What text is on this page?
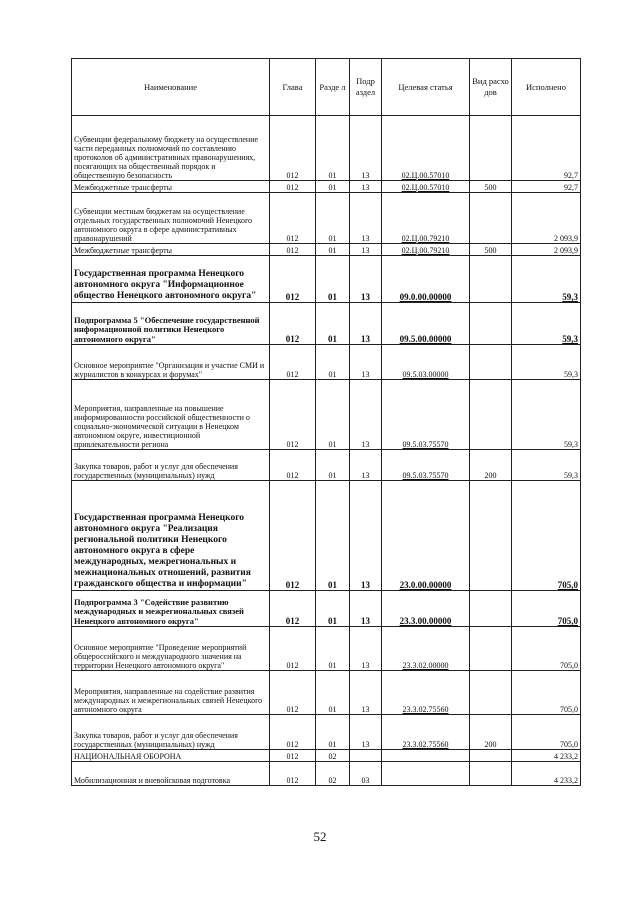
Наименование	Глава	Разде л	Подр аздел	Целевая статья	Вид расхо дов	Исполнено
Субвенции федеральному бюджету на осуществление части переданных полномочий по составлению протоколов об административных правонарушениях, посягающих на общественный порядок и общественную безопасность	012	01	13	02.Ц.00.57010		92,7
Межбюджетные трансферты	012	01	13	02.Ц.00.57010	500	92,7
Субвенции местным бюджетам на осуществление отдельных государственных полномочий Ненецкого автономного округа в сфере административных правонарушений	012	01	13	02.Ц.00.79210		2 093,9
Межбюджетные трансферты	012	01	13	02.Ц.00.79210	500	2 093,9
Государственная программа Ненецкого автономного округа "Информационное общество Ненецкого автономного округа"	012	01	13	09.0.00.00000		59,3
Подпрограмма 5 "Обеспечение государственной информационной политики Ненецкого автономного округа"	012	01	13	09.5.00.00000		59,3
Основное мероприятие "Организация и участие СМИ и журналистов в конкурсах и форумах"	012	01	13	09.5.03.00000		59,3
Мероприятия, направленные на повышение информированности российской общественности о социально-экономической ситуации в Ненецком автономном округе, инвестиционной привлекательности региона	012	01	13	09.5.03.75570		59,3
Закупка товаров, работ и услуг для обеспечения государственных (муниципальных) нужд	012	01	13	09.5.03.75570	200	59,3
Государственная программа Ненецкого автономного округа "Реализация региональной политики Ненецкого автономного округа в сфере международных, межрегиональных и межнациональных отношений, развития гражданского общества и информации"	012	01	13	23.0.00.00000		705,0
Подпрограмма 3 "Содействие развитию международных и межрегиональных связей Ненецкого автономного округа"	012	01	13	23.3.00.00000		705,0
Основное мероприятие "Проведение мероприятий общероссийского и международного значения на территории Ненецкого автономного округа"	012	01	13	23.3.02.00000		705,0
Мероприятия, направленные на содействие развития международных и межрегиональных связей Ненецкого автономного округа	012	01	13	23.3.02.75560		705,0
Закупка товаров, работ и услуг для обеспечения государственных (муниципальных) нужд	012	01	13	23.3.02.75560	200	705,0
НАЦИОНАЛЬНАЯ ОБОРОНА	012	02				4 233,2
Мобилизационная и вневойсковая подготовка	012	02	03			4 233,2
52
